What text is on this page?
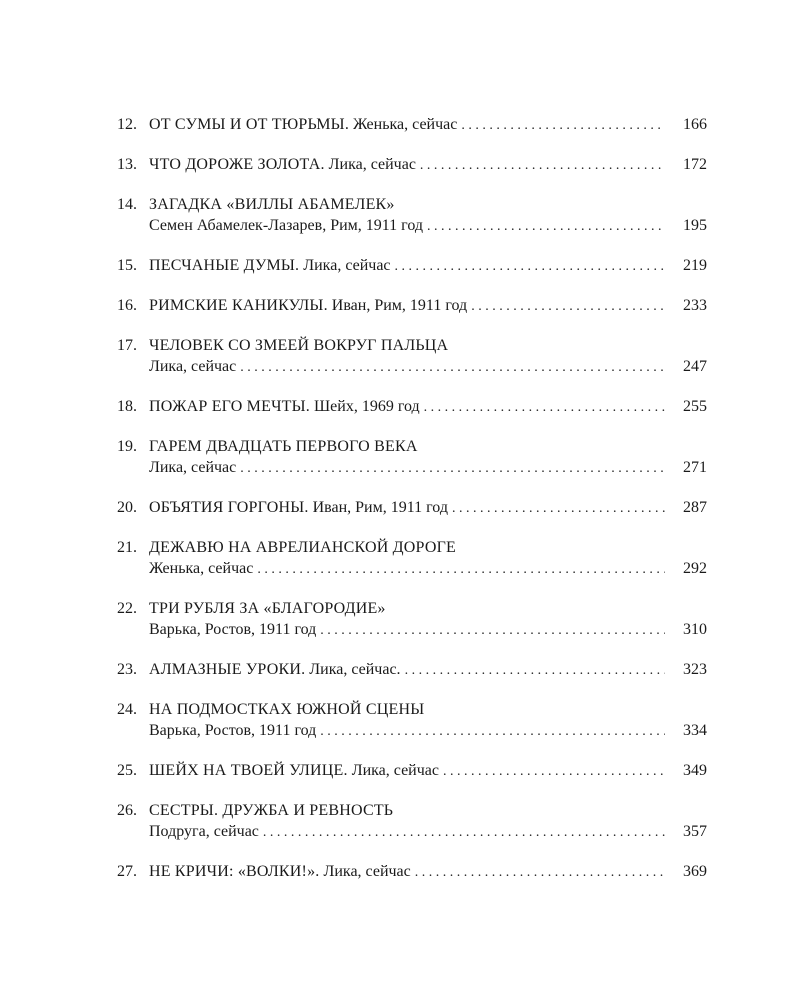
12. ОТ СУМЫ И ОТ ТЮРЬМЫ.
Женька, сейчас . . .	166
13. ЧТО ДОРОЖЕ ЗОЛОТА.
Лика, сейчас . . .	172
14. ЗАГАДКА «ВИЛЛЫ АБАМЕЛЕК»
Семен Абамелек-Лазарев, Рим, 1911 год . . .	195
15. ПЕСЧАНЫЕ ДУМЫ.
Лика, сейчас . . .	219
16. РИМСКИЕ КАНИКУЛЫ.
Иван, Рим, 1911 год . . .	233
17. ЧЕЛОВЕК СО ЗМЕЕЙ ВОКРУГ ПАЛЬЦА
Лика, сейчас . . .	247
18. ПОЖАР ЕГО МЕЧТЫ.
Шейх, 1969 год . . .	255
19. ГАРЕМ ДВАДЦАТЬ ПЕРВОГО ВЕКА
Лика, сейчас . . .	271
20. ОБЪЯТИЯ ГОРГОНЫ.
Иван, Рим, 1911 год . . .	287
21. ДЕЖАВЮ НА АВРЕЛИАНСКОЙ ДОРОГЕ
Женька, сейчас . . .	292
22. ТРИ РУБЛЯ ЗА «БЛАГОРОДИЕ»
Варька, Ростов, 1911 год . . .	310
23. АЛМАЗНЫЕ УРОКИ.
Лика, сейчас. . . .	323
24. НА ПОДМОСТКАХ ЮЖНОЙ СЦЕНЫ
Варька, Ростов, 1911 год . . .	334
25. ШЕЙХ НА ТВОЕЙ УЛИЦЕ.
Лика, сейчас . . .	349
26. СЕСТРЫ. ДРУЖБА И РЕВНОСТЬ
Подруга, сейчас . . .	357
27. НЕ КРИЧИ: «ВОЛКИ!».
Лика, сейчас . . .	369
